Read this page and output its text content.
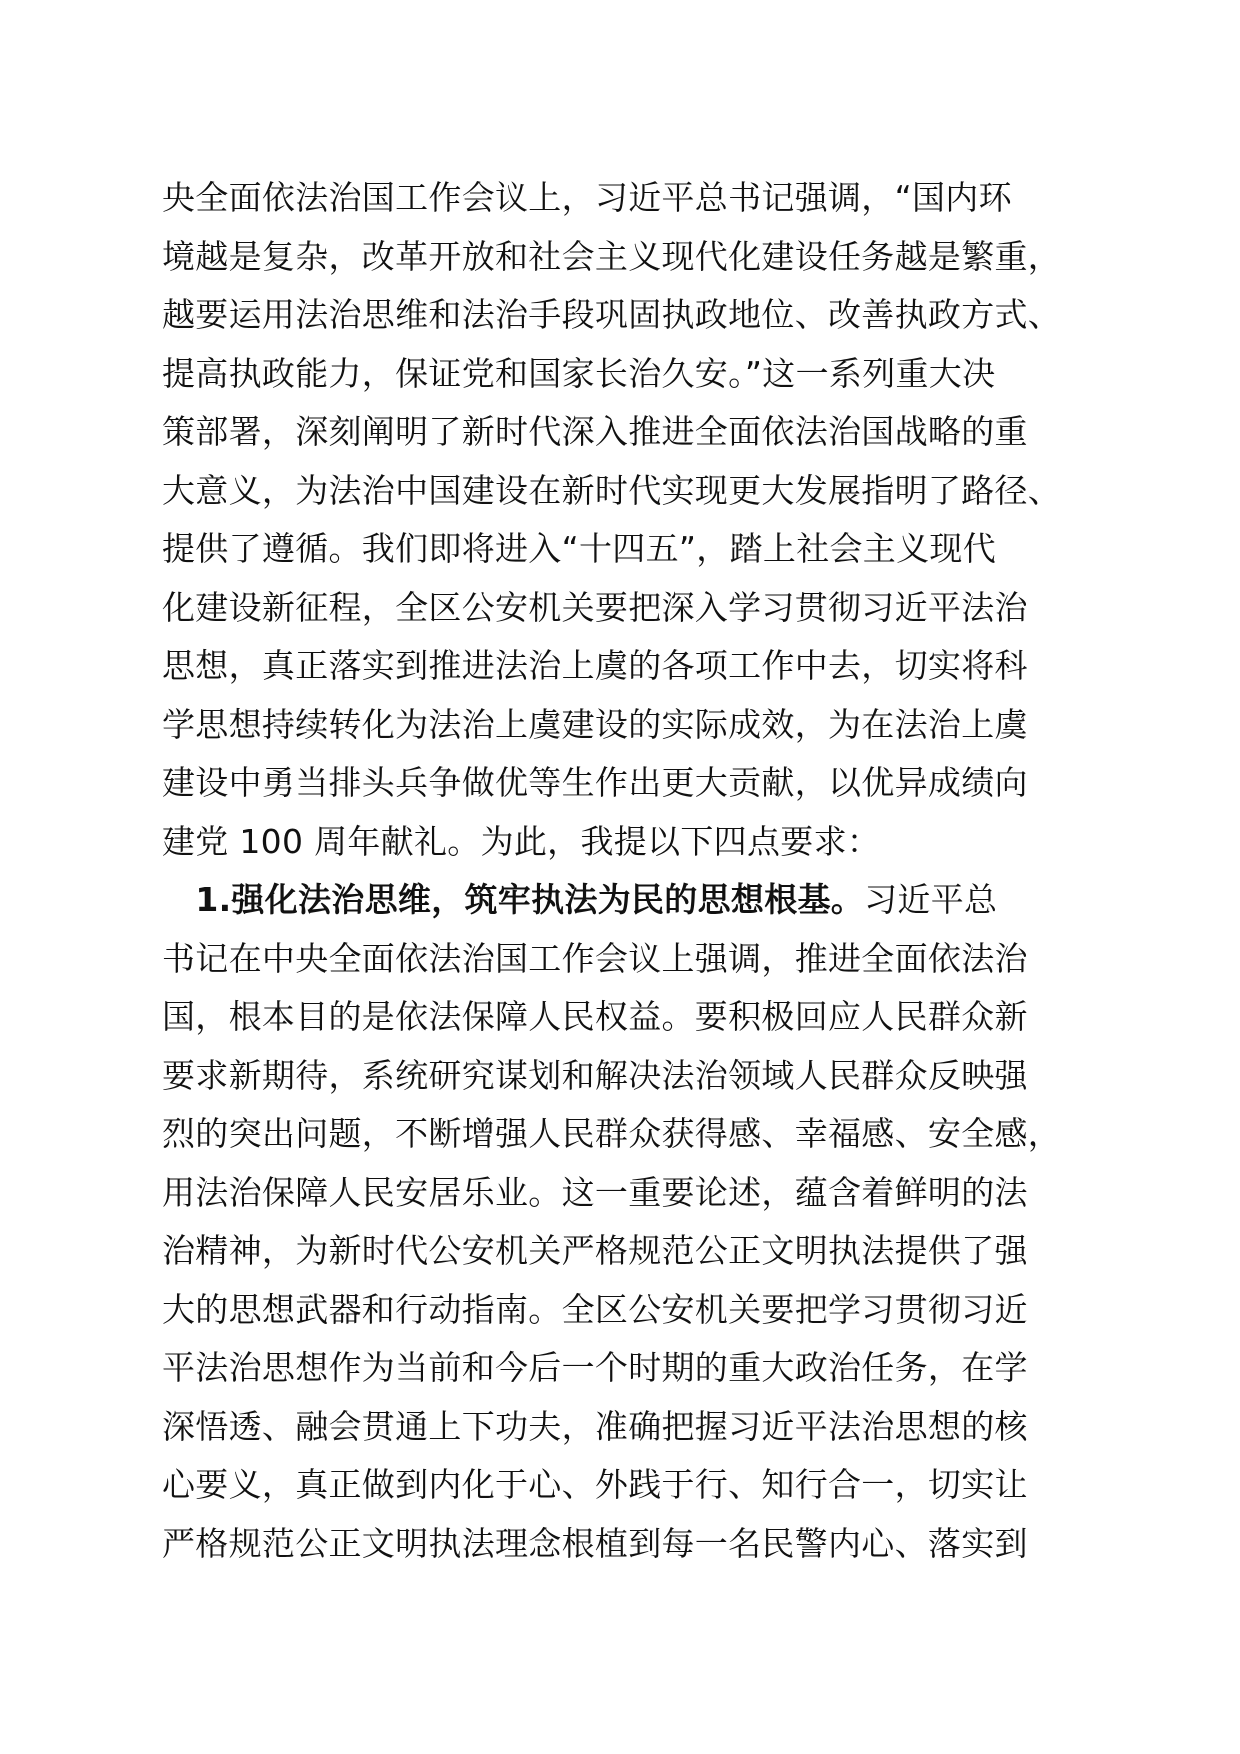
央全面依法治国工作会议上，习近平总书记强调，“国内环
境越是复杂，改革开放和社会主义现代化建设任务越是繁重，
越要运用法治思维和法治手段巩固执政地位、改善执政方式、
提高执政能力，保证党和国家长治久安。”这一系列重大决
策部署，深刻阐明了新时代深入推进全面依法治国战略的重
大意义，为法治中国建设在新时代实现更大发展指明了路径、
提供了遵循。我们即将进入“十四五”，踏上社会主义现代
化建设新征程，全区公安机关要把深入学习贯彻习近平法治
思想，真正落实到推进法治上虞的各项工作中去，切实将科
学思想持续转化为法治上虞建设的实际成效，为在法治上虞
建设中勇当排头兵争做优等生作出更大贡献，以优异成绩向
建党 100 周年献礼。为此，我提以下四点要求：
　1.强化法治思维，筑牢执法为民的思想根基。习近平总
书记在中央全面依法治国工作会议上强调，推进全面依法治
国，根本目的是依法保障人民权益。要积极回应人民群众新
要求新期待，系统研究谋划和解决法治领域人民群众反映强
烈的突出问题，不断增强人民群众获得感、幸福感、安全感，
用法治保障人民安居乐业。这一重要论述，蕴含着鲜明的法
治精神，为新时代公安机关严格规范公正文明执法提供了强
大的思想武器和行动指南。全区公安机关要把学习贯彻习近
平法治思想作为当前和今后一个时期的重大政治任务，在学
深悟透、融会贯通上下功夫，准确把握习近平法治思想的核
心要义，真正做到内化于心、外践于行、知行合一，切实让
严格规范公正文明执法理念根植到每一名民警内心、落实到
